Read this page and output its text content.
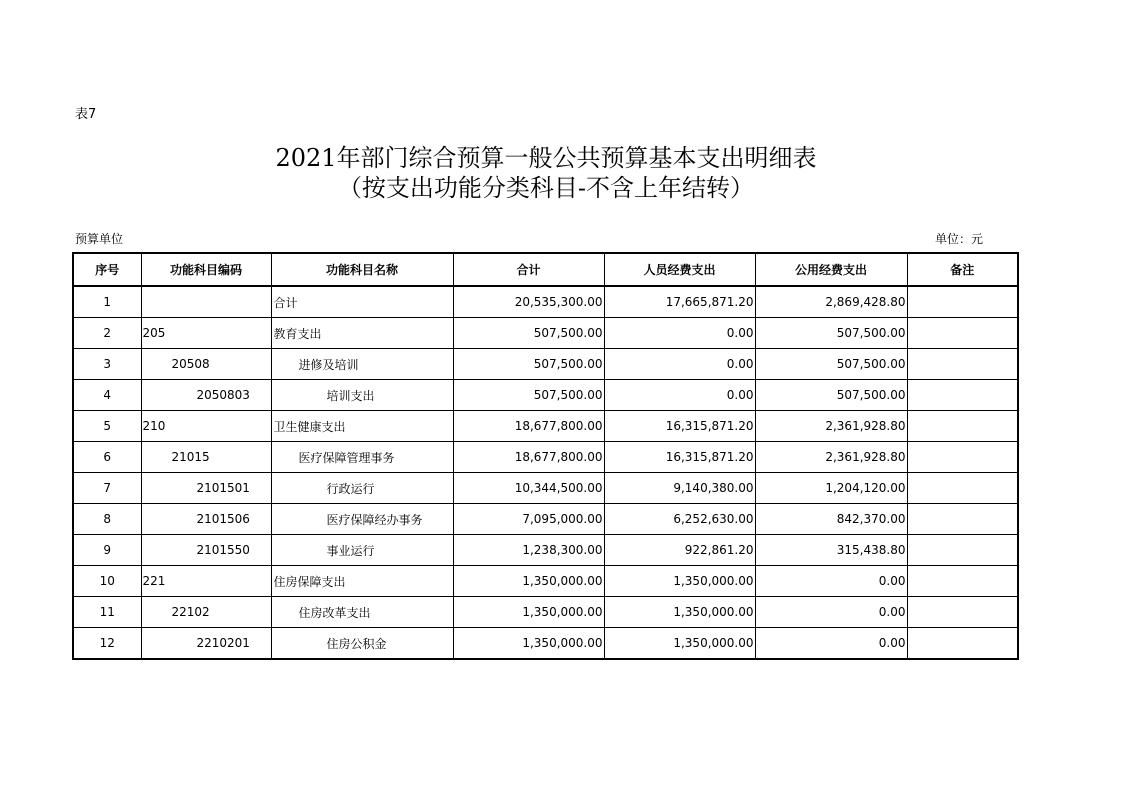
表7
2021年部门综合预算一般公共预算基本支出明细表
（按支出功能分类科目-不含上年结转）
预算单位	单位：元
序号	功能科目编码	功能科目名称	合计	人员经费支出	公用经费支出	备注
1		合计	20,535,300.00	17,665,871.20	2,869,428.80	
2	205	教育支出	507,500.00	0.00	507,500.00	
3	20508	进修及培训	507,500.00	0.00	507,500.00	
4	2050803	培训支出	507,500.00	0.00	507,500.00	
5	210	卫生健康支出	18,677,800.00	16,315,871.20	2,361,928.80	
6	21015	医疗保障管理事务	18,677,800.00	16,315,871.20	2,361,928.80	
7	2101501	行政运行	10,344,500.00	9,140,380.00	1,204,120.00	
8	2101506	医疗保障经办事务	7,095,000.00	6,252,630.00	842,370.00	
9	2101550	事业运行	1,238,300.00	922,861.20	315,438.80	
10	221	住房保障支出	1,350,000.00	1,350,000.00	0.00	
11	22102	住房改革支出	1,350,000.00	1,350,000.00	0.00	
12	2210201	住房公积金	1,350,000.00	1,350,000.00	0.00	
